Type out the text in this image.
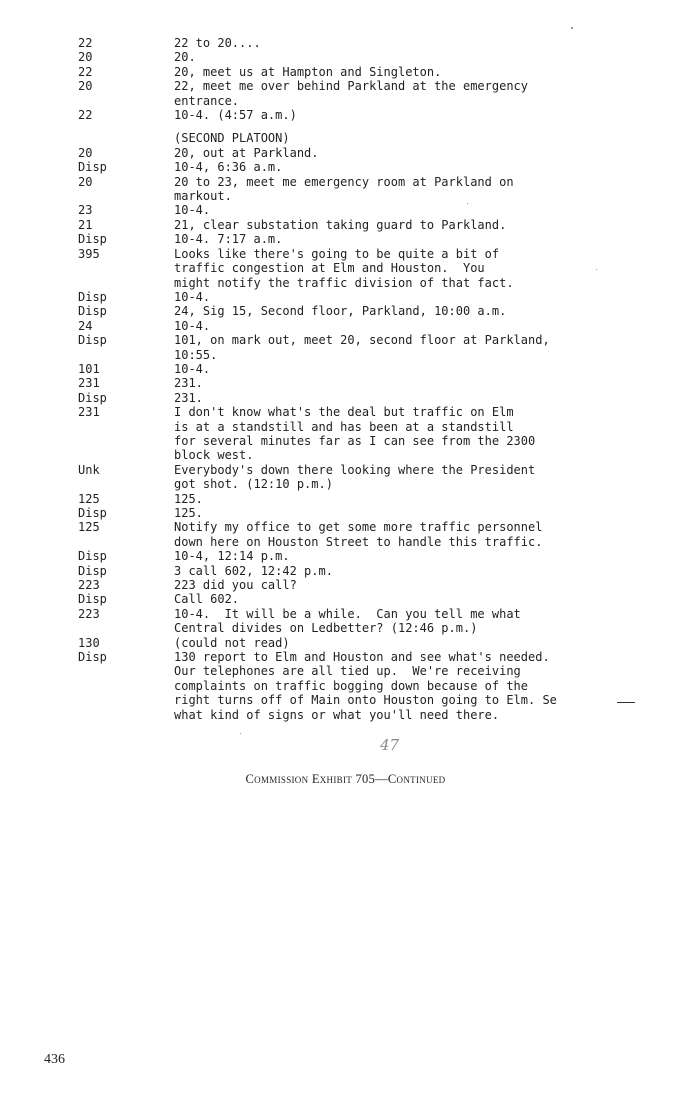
22	22 to 20....
20	20.
22	20, meet us at Hampton and Singleton.
20	22, meet me over behind Parkland at the emergency
entrance.
22	10-4. (4:57 a.m.)
(SECOND PLATOON)
20	20, out at Parkland.
Disp	10-4, 6:36 a.m.
20	20 to 23, meet me emergency room at Parkland on
markout.
23	10-4.
21	21, clear substation taking guard to Parkland.
Disp	10-4. 7:17 a.m.
395	Looks like there's going to be quite a bit of
traffic congestion at Elm and Houston.  You
might notify the traffic division of that fact.
Disp	10-4.
Disp	24, Sig 15, Second floor, Parkland, 10:00 a.m.
24	10-4.
Disp	101, on mark out, meet 20, second floor at Parkland,
10:55.
101	10-4.
231	231.
Disp	231.
231	I don't know what's the deal but traffic on Elm
is at a standstill and has been at a standstill
for several minutes far as I can see from the 2300
block west.
Unk	Everybody's down there looking where the President
got shot. (12:10 p.m.)
125	125.
Disp	125.
125	Notify my office to get some more traffic personnel
down here on Houston Street to handle this traffic.
Disp	10-4, 12:14 p.m.
Disp	3 call 602, 12:42 p.m.
223	223 did you call?
Disp	Call 602.
223	10-4.  It will be a while.  Can you tell me what
Central divides on Ledbetter? (12:46 p.m.)
130	(could not read)
Disp	130 report to Elm and Houston and see what's needed.
Our telephones are all tied up.  We're receiving
complaints on traffic bogging down because of the
right turns off of Main onto Houston going to Elm. Se
what kind of signs or what you'll need there.
47
Commission Exhibit 705—Continued
436
